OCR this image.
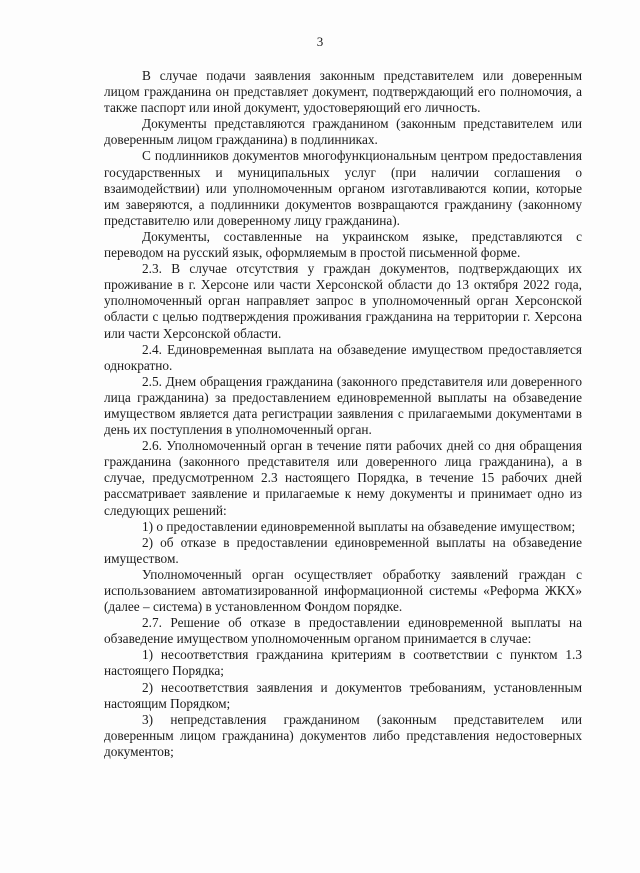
3

В случае подачи заявления законным представителем или доверенным лицом гражданина он представляет документ, подтверждающий его полномочия, а также паспорт или иной документ, удостоверяющий его личность.

Документы представляются гражданином (законным представителем или доверенным лицом гражданина) в подлинниках.

С подлинников документов многофункциональным центром предоставления государственных и муниципальных услуг (при наличии соглашения о взаимодействии) или уполномоченным органом изготавливаются копии, которые им заверяются, а подлинники документов возвращаются гражданину (законному представителю или доверенному лицу гражданина).

Документы, составленные на украинском языке, представляются с переводом на русский язык, оформляемым в простой письменной форме.

2.3. В случае отсутствия у граждан документов, подтверждающих их проживание в г. Херсоне или части Херсонской области до 13 октября 2022 года, уполномоченный орган направляет запрос в уполномоченный орган Херсонской области с целью подтверждения проживания гражданина на территории г. Херсона или части Херсонской области.

2.4. Единовременная выплата на обзаведение имуществом предоставляется однократно.

2.5. Днем обращения гражданина (законного представителя или доверенного лица гражданина) за предоставлением единовременной выплаты на обзаведение имуществом является дата регистрации заявления с прилагаемыми документами в день их поступления в уполномоченный орган.

2.6. Уполномоченный орган в течение пяти рабочих дней со дня обращения гражданина (законного представителя или доверенного лица гражданина), а в случае, предусмотренном 2.3 настоящего Порядка, в течение 15 рабочих дней рассматривает заявление и прилагаемые к нему документы и принимает одно из следующих решений:

1) о предоставлении единовременной выплаты на обзаведение имуществом;

2) об отказе в предоставлении единовременной выплаты на обзаведение имуществом.

Уполномоченный орган осуществляет обработку заявлений граждан с использованием автоматизированной информационной системы «Реформа ЖКХ» (далее – система) в установленном Фондом порядке.

2.7. Решение об отказе в предоставлении единовременной выплаты на обзаведение имуществом уполномоченным органом принимается в случае:

1) несоответствия гражданина критериям в соответствии с пунктом 1.3 настоящего Порядка;

2) несоответствия заявления и документов требованиям, установленным настоящим Порядком;

3) непредставления гражданином (законным представителем или доверенным лицом гражданина) документов либо представления недостоверных документов;
